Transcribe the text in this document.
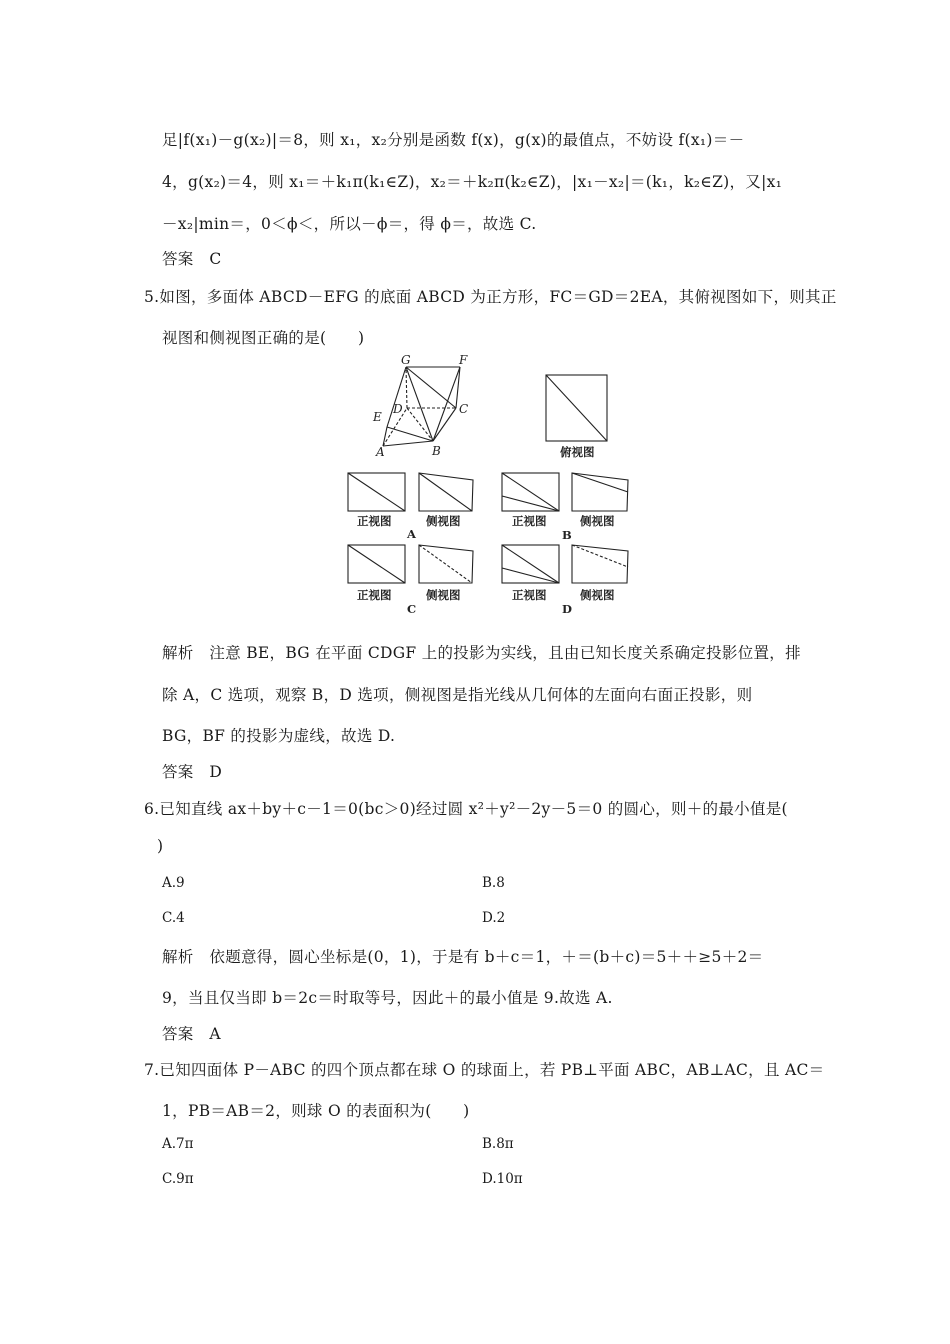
足|f(x₁)－g(x₂)|＝8，则 x₁，x₂分别是函数 f(x)，g(x)的最值点，不妨设 f(x₁)＝－
4，g(x₂)＝4，则 x₁＝＋k₁π(k₁∈Z)，x₂＝＋k₂π(k₂∈Z)，|x₁－x₂|＝(k₁，k₂∈Z)，又|x₁
－x₂|min＝，0＜ϕ＜，所以－ϕ＝，得 ϕ＝，故选 C.
答案　C
5.如图，多面体 ABCD－EFG 的底面 ABCD 为正方形，FC＝GD＝2EA，其俯视图如下，则其正
视图和侧视图正确的是(　　)
G	F
E
D	C
A	B	俯视图
正视图	侧视图
A
正视图	侧视图
B
正视图	侧视图
C
正视图	侧视图
D
解析　注意 BE，BG 在平面 CDGF 上的投影为实线，且由已知长度关系确定投影位置，排
除 A，C 选项，观察 B，D 选项，侧视图是指光线从几何体的左面向右面正投影，则
BG，BF 的投影为虚线，故选 D.
答案　D
6.已知直线 ax＋by＋c－1＝0(bc＞0)经过圆 x²＋y²－2y－5＝0 的圆心，则＋的最小值是(
)
A.9	B.8
C.4	D.2
解析　依题意得，圆心坐标是(0，1)，于是有 b＋c＝1，＋＝(b＋c)＝5＋＋≥5＋2＝
9，当且仅当即 b＝2c＝时取等号，因此＋的最小值是 9.故选 A.
答案　A
7.已知四面体 P－ABC 的四个顶点都在球 O 的球面上，若 PB⊥平面 ABC，AB⊥AC，且 AC＝
1，PB＝AB＝2，则球 O 的表面积为(　　)
A.7π	B.8π
C.9π	D.10π
